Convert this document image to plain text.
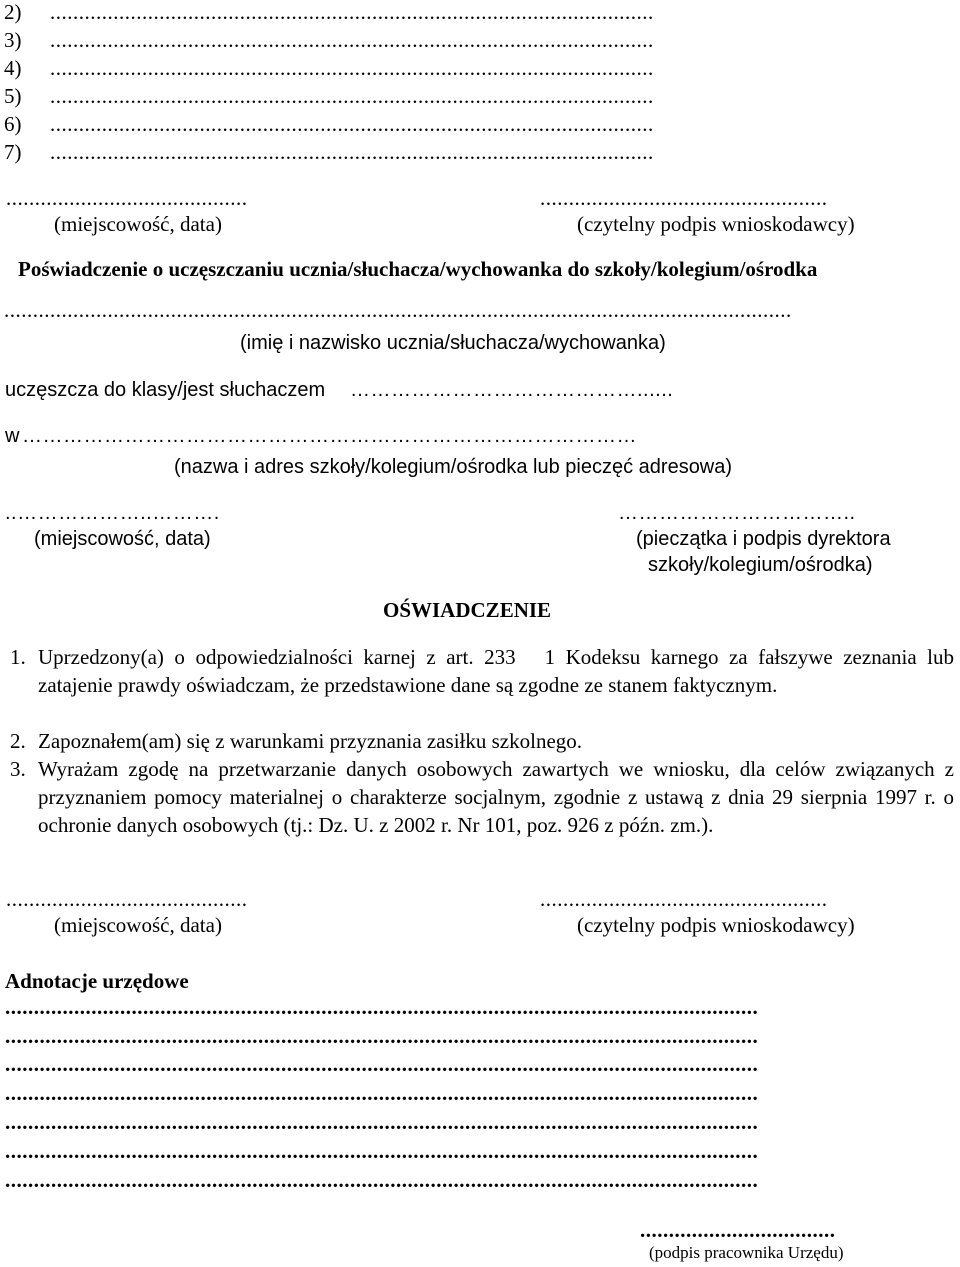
2) .........................................................................................................
3) .........................................................................................................
4) .........................................................................................................
5) .........................................................................................................
6) .........................................................................................................
7) .........................................................................................................
..........................................	..................................................
(miejscowość, data)	(czytelny podpis wnioskodawcy)
Poświadczenie o uczęszczaniu ucznia/słuchacza/wychowanka do szkoły/kolegium/ośrodka
.........................................................................................................................................
(imię i nazwisko ucznia/słuchacza/wychowanka)
uczęszcza do klasy/jest słuchaczem ……………………………………......
w ………………………………………………………………………………
(nazwa i adres szkoły/kolegium/ośrodka lub pieczęć adresowa)
..………………..……….	……………………………..
(miejscowość, data)	(pieczątka i podpis dyrektora
szkoły/kolegium/ośrodka)
OŚWIADCZENIE
1. Uprzedzony(a) o odpowiedzialności karnej z art. 233 1 Kodeksu karnego za fałszywe zeznania lub zatajenie prawdy oświadczam, że przedstawione dane są zgodne ze stanem faktycznym.
2. Zapoznałem(am) się z warunkami przyznania zasiłku szkolnego.
3. Wyrażam zgodę na przetwarzanie danych osobowych zawartych we wniosku, dla celów związanych z przyznaniem pomocy materialnej o charakterze socjalnym, zgodnie z ustawą z dnia 29 sierpnia 1997 r. o ochronie danych osobowych (tj.: Dz. U. z 2002 r. Nr 101, poz. 926 z późn. zm.).
..........................................	..................................................
(miejscowość, data)	(czytelny podpis wnioskodawcy)
Adnotacje urzędowe
...................................................................................................................................
...................................................................................................................................
...................................................................................................................................
...................................................................................................................................
...................................................................................................................................
...................................................................................................................................
...................................................................................................................................
..................................
(podpis pracownika Urzędu)
